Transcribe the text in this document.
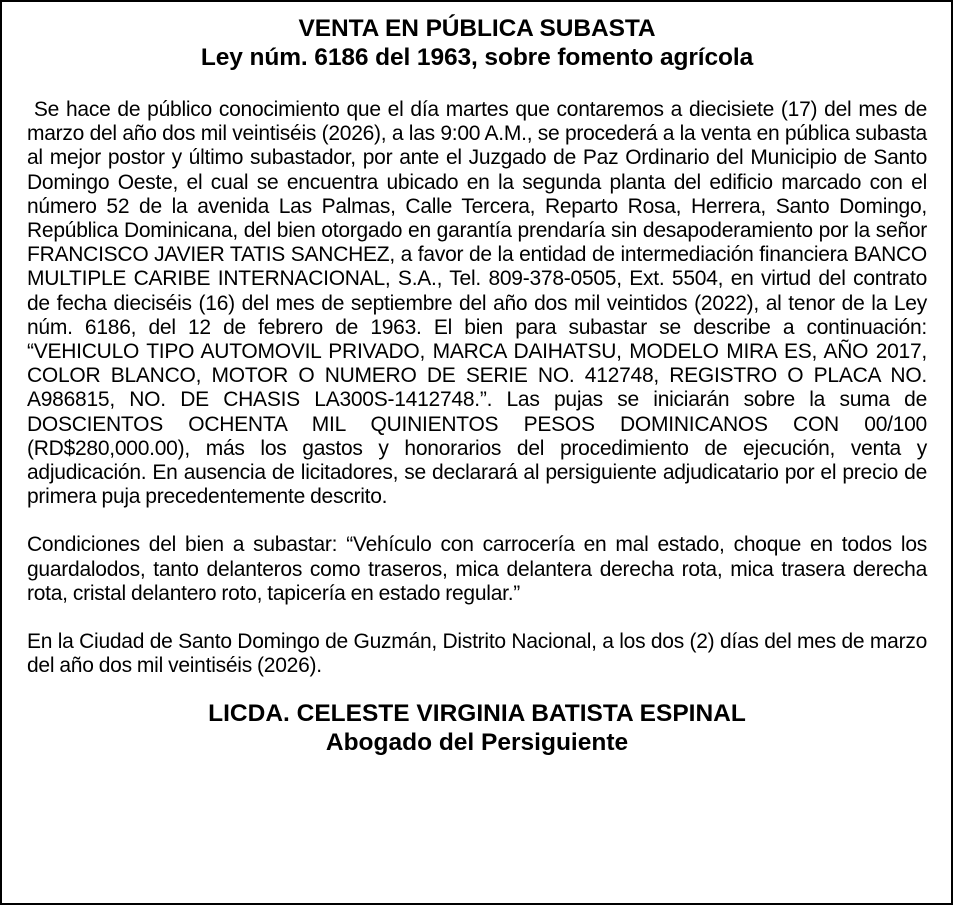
VENTA EN PÚBLICA SUBASTA
Ley núm. 6186 del 1963, sobre fomento agrícola

Se hace de público conocimiento que el día martes que contaremos a diecisiete (17) del mes de marzo del año dos mil veintiséis (2026), a las 9:00 A.M., se procederá a la venta en pública subasta al mejor postor y último subastador, por ante el Juzgado de Paz Ordinario del Municipio de Santo Domingo Oeste, el cual se encuentra ubicado en la segunda planta del edificio marcado con el número 52 de la avenida Las Palmas, Calle Tercera, Reparto Rosa, Herrera, Santo Domingo, República Dominicana, del bien otorgado en garantía prendaría sin desapoderamiento por la señor FRANCISCO JAVIER TATIS SANCHEZ, a favor de la entidad de intermediación financiera BANCO MULTIPLE CARIBE INTERNACIONAL, S.A., Tel. 809-378-0505, Ext. 5504, en virtud del contrato de fecha dieciséis (16) del mes de septiembre del año dos mil veintidos (2022), al tenor de la Ley núm. 6186, del 12 de febrero de 1963. El bien para subastar se describe a continuación: “VEHICULO TIPO AUTOMOVIL PRIVADO, MARCA DAIHATSU, MODELO MIRA ES, AÑO 2017, COLOR BLANCO, MOTOR O NUMERO DE SERIE NO. 412748, REGISTRO O PLACA NO. A986815, NO. DE CHASIS LA300S-1412748.”. Las pujas se iniciarán sobre la suma de DOSCIENTOS OCHENTA MIL QUINIENTOS PESOS DOMINICANOS CON 00/100 (RD$280,000.00), más los gastos y honorarios del procedimiento de ejecución, venta y adjudicación. En ausencia de licitadores, se declarará al persiguiente adjudicatario por el precio de primera puja precedentemente descrito.

Condiciones del bien a subastar: “Vehículo con carrocería en mal estado, choque en todos los guardalodos, tanto delanteros como traseros, mica delantera derecha rota, mica trasera derecha rota, cristal delantero roto, tapicería en estado regular.”

En la Ciudad de Santo Domingo de Guzmán, Distrito Nacional, a los dos (2) días del mes de marzo del año dos mil veintiséis (2026).

LICDA. CELESTE VIRGINIA BATISTA ESPINAL
Abogado del Persiguiente
